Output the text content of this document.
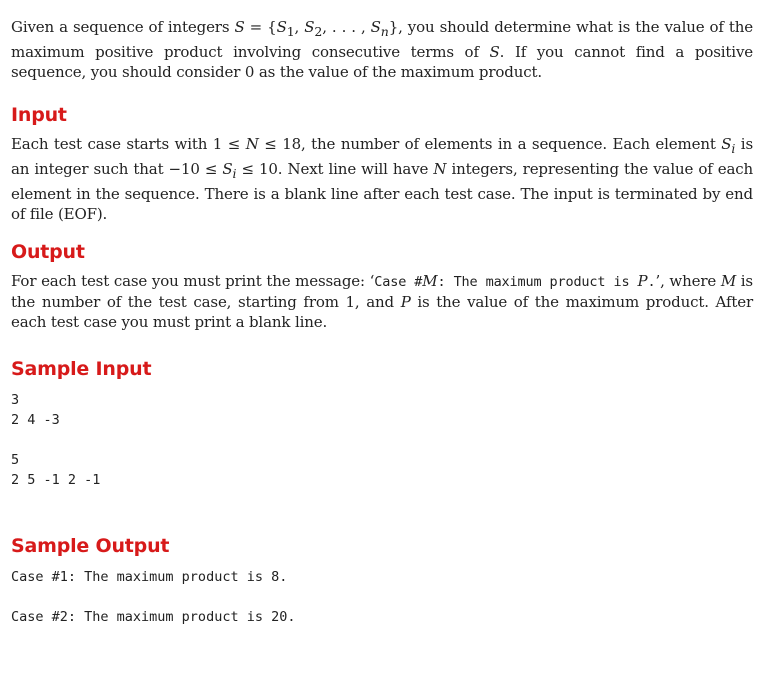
Given a sequence of integers $S = \{S_1$, $S_2$, . . . , $S_n$}, you should determine what is the value of the maximum positive product involving consecutive terms of S. If you cannot find a positive sequence, you should consider 0 as the value of the maximum product.

Input

Each test case starts with 1 ≤ N ≤ 18, the number of elements in a sequence. Each element $S_i$ is an integer such that $-10 \le S_i \le 10$. Next line will have N integers, representing the value of each element in the sequence. There is a blank line after each test case. The input is terminated by end of file (EOF).

Output

For each test case you must print the message: ‘Case #M: The maximum product is P.’, where M is the number of the test case, starting from 1, and P is the value of the maximum product. After each test case you must print a blank line.

Sample Input
3
2 4 -3
5
2 5 -1 2 -1
Sample Output
Case #1: The maximum product is 8.
Case #2: The maximum product is 20.
